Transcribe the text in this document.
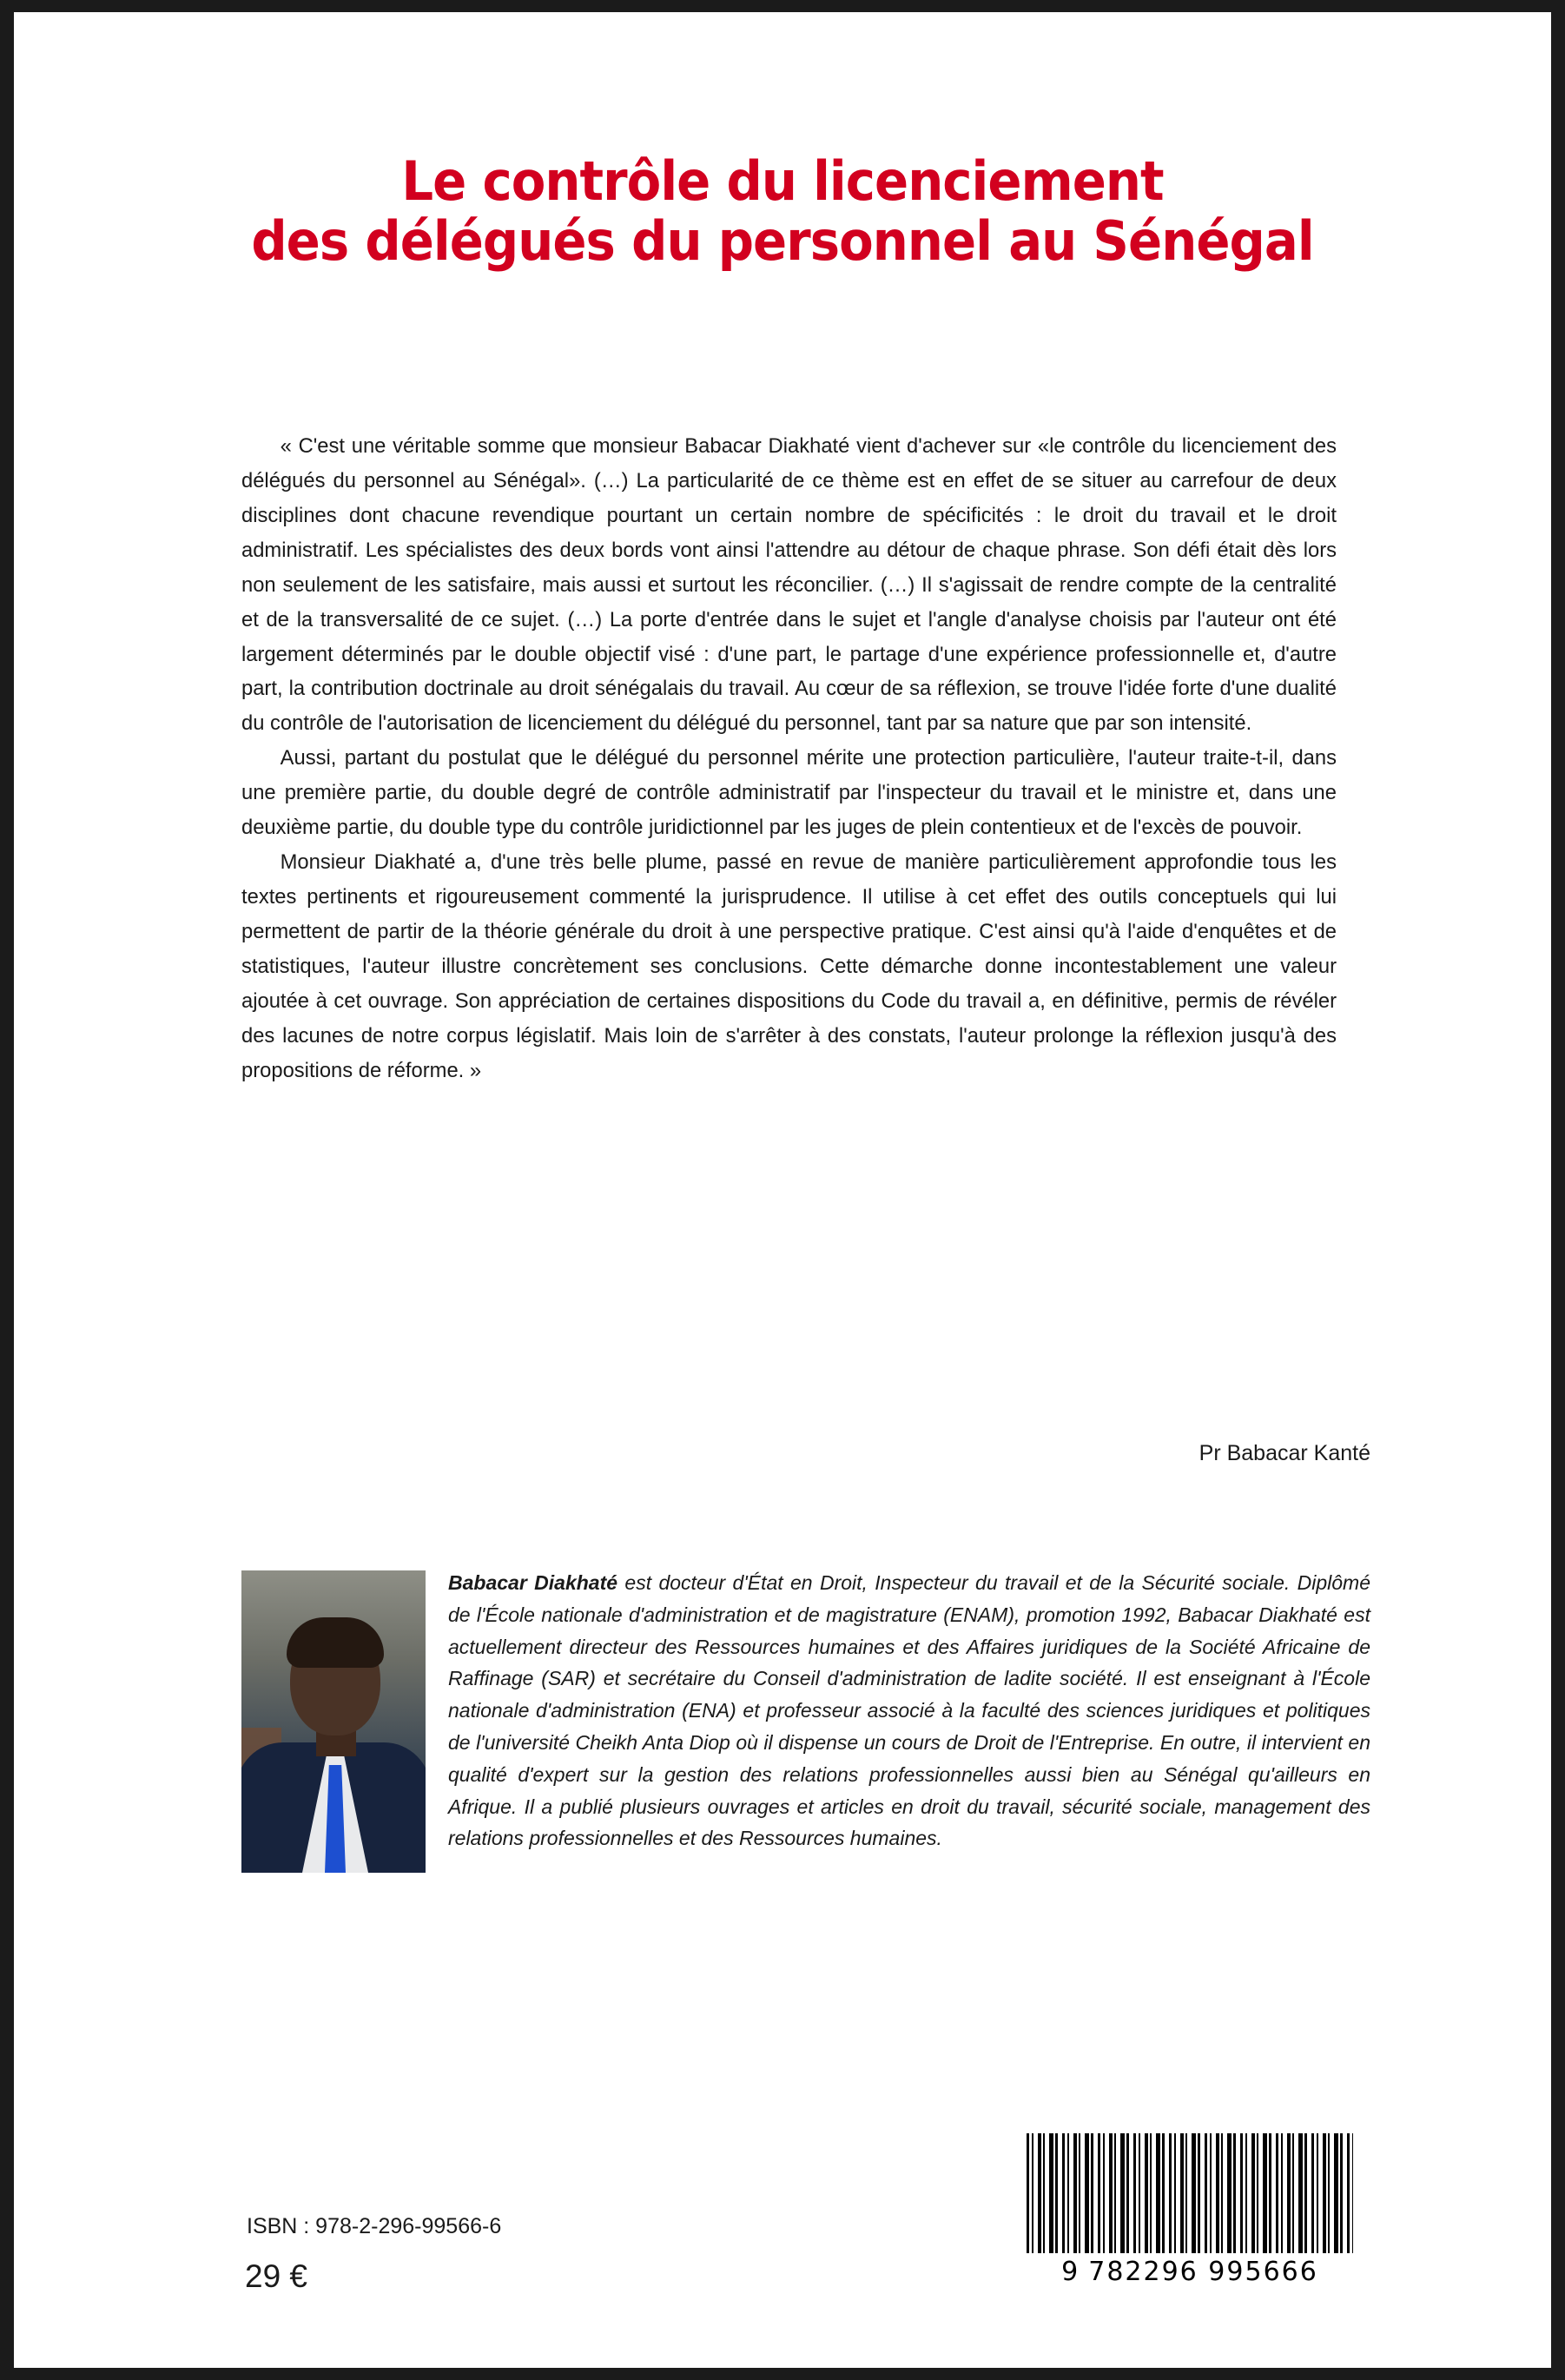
Le contrôle du licenciement
des délégués du personnel au Sénégal

« C'est une véritable somme que monsieur Babacar Diakhaté vient d'achever sur «le contrôle du licenciement des délégués du personnel au Sénégal». (…) La particularité de ce thème est en effet de se situer au carrefour de deux disciplines dont chacune revendique pourtant un certain nombre de spécificités : le droit du travail et le droit administratif. Les spécialistes des deux bords vont ainsi l'attendre au détour de chaque phrase. Son défi était dès lors non seulement de les satisfaire, mais aussi et surtout les réconcilier. (…) Il s'agissait de rendre compte de la centralité et de la transversalité de ce sujet. (…) La porte d'entrée dans le sujet et l'angle d'analyse choisis par l'auteur ont été largement déterminés par le double objectif visé : d'une part, le partage d'une expérience professionnelle et, d'autre part, la contribution doctrinale au droit sénégalais du travail. Au cœur de sa réflexion, se trouve l'idée forte d'une dualité du contrôle de l'autorisation de licenciement du délégué du personnel, tant par sa nature que par son intensité.

Aussi, partant du postulat que le délégué du personnel mérite une protection particulière, l'auteur traite-t-il, dans une première partie, du double degré de contrôle administratif par l'inspecteur du travail et le ministre et, dans une deuxième partie, du double type du contrôle juridictionnel par les juges de plein contentieux et de l'excès de pouvoir.

Monsieur Diakhaté a, d'une très belle plume, passé en revue de manière particulièrement approfondie tous les textes pertinents et rigoureusement commenté la jurisprudence. Il utilise à cet effet des outils conceptuels qui lui permettent de partir de la théorie générale du droit à une perspective pratique. C'est ainsi qu'à l'aide d'enquêtes et de statistiques, l'auteur illustre concrètement ses conclusions. Cette démarche donne incontestablement une valeur ajoutée à cet ouvrage. Son appréciation de certaines dispositions du Code du travail a, en définitive, permis de révéler des lacunes de notre corpus législatif. Mais loin de s'arrêter à des constats, l'auteur prolonge la réflexion jusqu'à des propositions de réforme. »

Pr Babacar Kanté
Babacar Diakhaté est docteur d'État en Droit, Inspecteur du travail et de la Sécurité sociale. Diplômé de l'École nationale d'administration et de magistrature (ENAM), promotion 1992, Babacar Diakhaté est actuellement directeur des Ressources humaines et des Affaires juridiques de la Société Africaine de Raffinage (SAR) et secrétaire du Conseil d'administration de ladite société. Il est enseignant à l'École nationale d'administration (ENA) et professeur associé à la faculté des sciences juridiques et politiques de l'université Cheikh Anta Diop où il dispense un cours de Droit de l'Entreprise. En outre, il intervient en qualité d'expert sur la gestion des relations professionnelles aussi bien au Sénégal qu'ailleurs en Afrique. Il a publié plusieurs ouvrages et articles en droit du travail, sécurité sociale, management des relations professionnelles et des Ressources humaines.
ISBN : 978-2-296-99566-6
29 €	9 782296 995666
